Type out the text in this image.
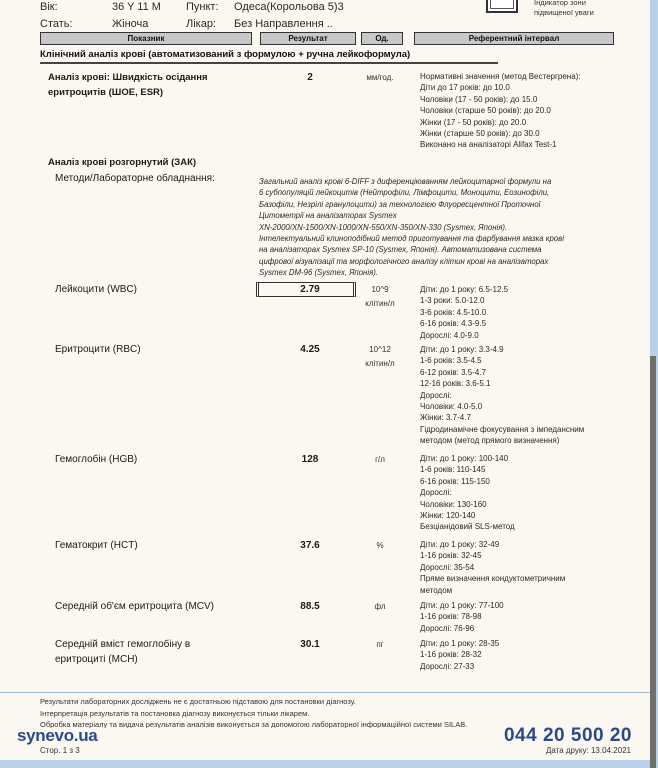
Вік:	36 Y 11 M Пункт: Одеса(Корольова 5)3
Стать:	Жіноча	Лікар: Без Направлення ..
Індикатор зони
підвищеної уваги
Показник	Результат	Од.	Референтний інтервал
Клінічний аналіз крові (автоматизований з формулою + ручна лейкоформула)
Аналіз крові: Швидкість осідання
еритроцитів (ШОЕ, ESR)
2	мм/год.	Нормативні значення (метод Вестергрена):
Діти до 17 років: до 10.0
Чоловіки (17 - 50 років): до 15.0
Чоловіки (старше 50 років): до 20.0
Жінки (17 - 50 років): до 20.0
Жінки (старше 50 років): до 30.0
Виконано на аналізаторі Alifax Test-1
Аналіз крові розгорнутий (ЗАК)
Методи/Лабораторне обладнання:	Загальний аналіз крові 6-DIFF з диференціюванням лейкоцитарної формули на
6 субпопуляцій лейкоцитів (Нейтрофіли, Лімфоцити, Моноцити, Еозинофіли,
Базофіли, Незрілі гранулоцити) за технологією Флуоресцентної Проточної
Цитометрії на аналізаторах Sysmex
XN-2000/XN-1500/XN-1000/XN-550/XN-350/XN-330 (Sysmex, Японія).
Інтелектуальний клиноподібний метод приготування та фарбування мазка крові
на аналізаторах Sysmex SP-10 (Sysmex, Японія). Автоматизована система
цифрової візуалізації та морфологічного аналізу клітин крові на аналізаторах
Sysmex DM-96 (Sysmex, Японія).
Лейкоцити (WBC)	2.79	10^9
клітин/л
Діти: до 1 року: 6.5-12.5
1-3 роки: 5.0-12.0
3-6 років: 4.5-10.0
6-16 років: 4.3-9.5
Дорослі: 4.0-9.0
Еритроцити (RBC)	4.25	10^12
клітин/л
Діти: до 1 року: 3.3-4.9
1-6 років: 3.5-4.5
6-12 років: 3.5-4.7
12-16 років: 3.6-5.1
Дорослі:
Чоловіки: 4.0-5.0
Жінки: 3.7-4.7
Гідродинамічне фокусування з імпедансним
методом (метод прямого визначення)
Гемоглобін (HGB)	128	г/л	Діти: до 1 року: 100-140
1-6 років: 110-145
6-16 років: 115-150
Дорослі:
Чоловіки: 130-160
Жінки: 120-140
Безціанідовий SLS-метод
Гематокрит (HCT)	37.6	%	Діти: до 1 року: 32-49
1-16 років: 32-45
Дорослі: 35-54
Пряме визначення кондуктометричним
методом
Середній об'єм еритроцита (MCV)	88.5	фл	Діти: до 1 року: 77-100
1-16 років: 78-98
Дорослі: 76-96
Середній вміст гемоглобіну в
еритроциті (MCH)
30.1	пг	Діти: до 1 року: 28-35
1-16 років: 28-32
Дорослі: 27-33
Результати лабораторних досліджень не є достатньою підставою для постановки діагнозу.
Інтерпретація результатів та постановка діагнозу виконується тільки лікарем.
Обробка матеріалу та видача результатів аналізів виконується за допомогою лабораторної інформаційної системи SILAB.
synevo.ua
Стор. 1 з 3
044 20 500 20
Дата друку: 13.04.2021
